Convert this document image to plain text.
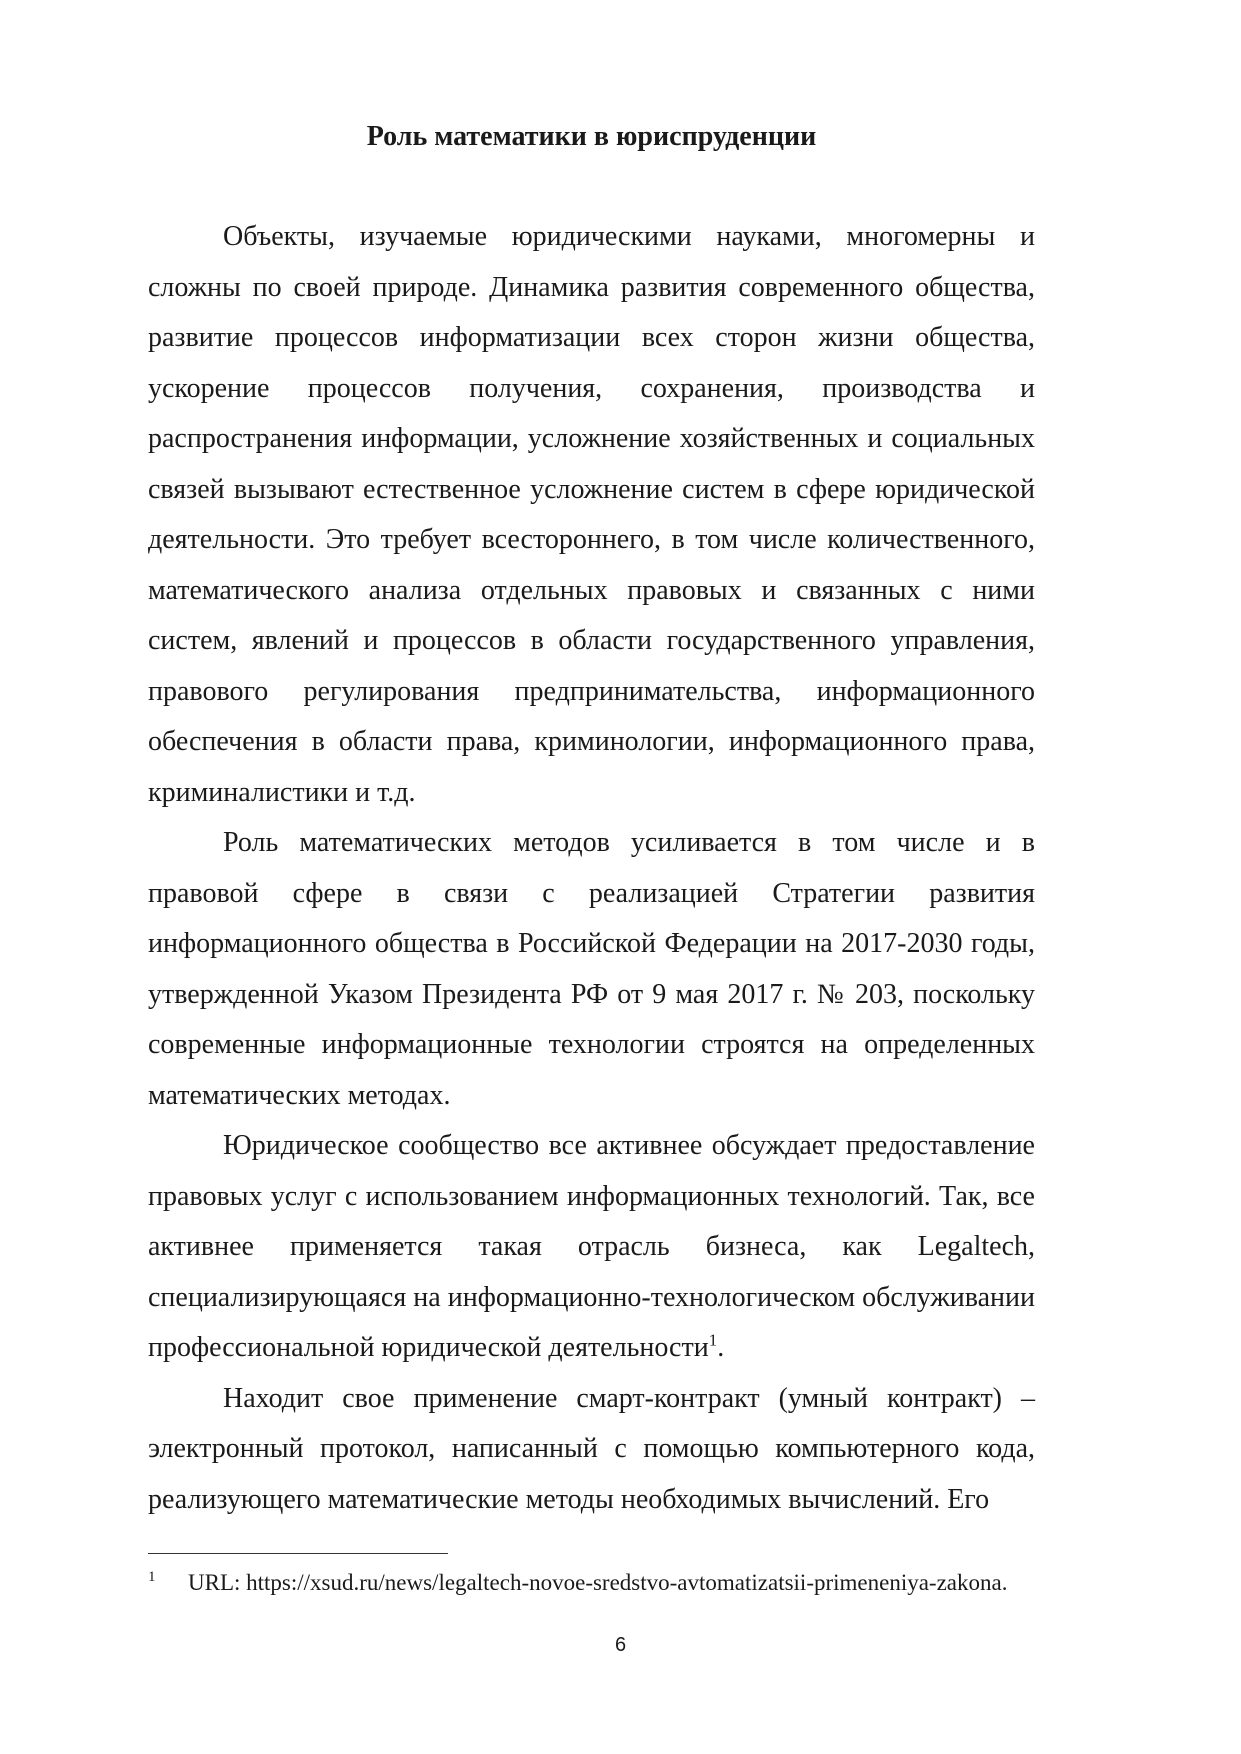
Роль математики в юриспруденции

Объекты, изучаемые юридическими науками, многомерны и сложны по своей природе. Динамика развития современного общества, развитие процессов информатизации всех сторон жизни общества, ускорение процессов получения, сохранения, производства и распространения информации, усложнение хозяйственных и социальных связей вызывают естественное усложнение систем в сфере юридической деятельности. Это требует всестороннего, в том числе количественного, математического анализа отдельных правовых и связанных с ними систем, явлений и процессов в области государственного управления, правового регулирования предпринимательства, информационного обеспечения в области права, криминологии, информационного права, криминалистики и т.д.

Роль математических методов усиливается в том числе и в правовой сфере в связи с реализацией Стратегии развития информационного общества в Российской Федерации на 2017-2030 годы, утвержденной Указом Президента РФ от 9 мая 2017 г. № 203, поскольку современные информационные технологии строятся на определенных математических методах.

Юридическое сообщество все активнее обсуждает предоставление правовых услуг с использованием информационных технологий. Так, все активнее применяется такая отрасль бизнеса, как Legaltech, специализирующаяся на информационно-технологическом обслуживании профессиональной юридической деятельности$^1$.

Находит свое применение смарт-контракт (умный контракт) – электронный протокол, написанный с помощью компьютерного кода, реализующего математические методы необходимых вычислений. Его

1 URL: https://xsud.ru/news/legaltech-novoe-sredstvo-avtomatizatsii-primeneniya-zakona.
6
